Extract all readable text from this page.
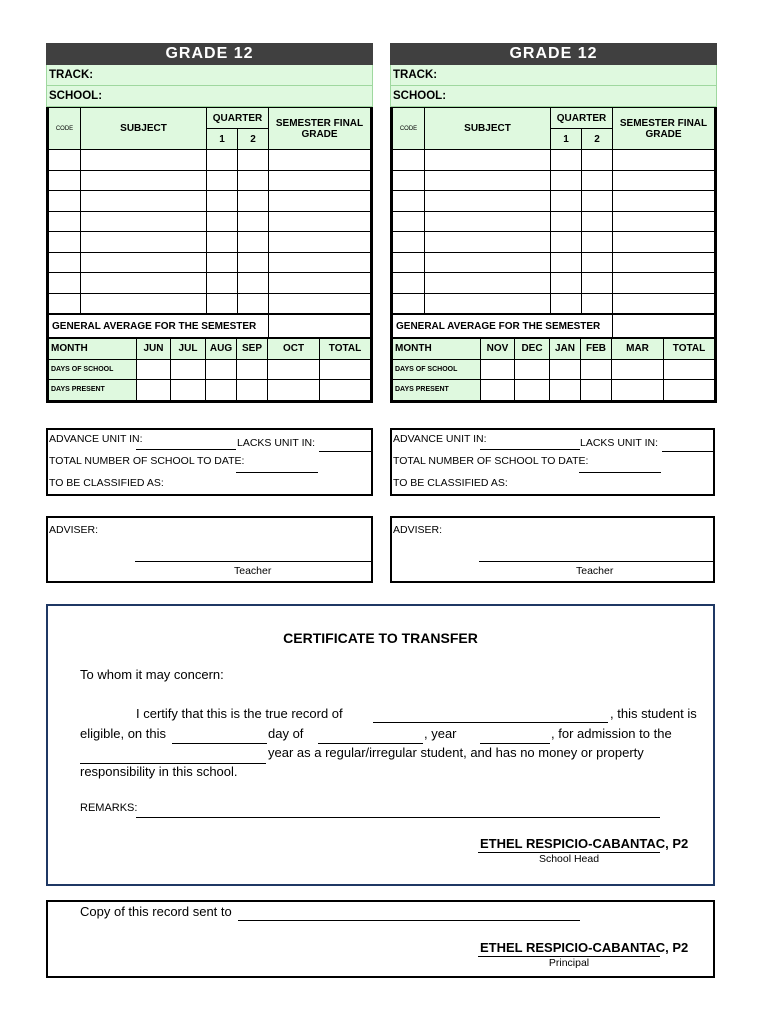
GRADE 12
TRACK:
SCHOOL:
CODE	SUBJECT	QUARTER		SEMESTER FINAL GRADE
		1	2	

GENERAL AVERAGE FOR THE SEMESTER	
MONTH	JUN	JUL	AUG	SEP	OCT	TOTAL
DAYS OF SCHOOL						
DAYS PRESENT						
GRADE 12
TRACK:
SCHOOL:
CODE	SUBJECT	QUARTER		SEMESTER FINAL GRADE
		1	2	

GENERAL AVERAGE FOR THE SEMESTER	
MONTH	NOV	DEC	JAN	FEB	MAR	TOTAL
DAYS OF SCHOOL						
DAYS PRESENT						
ADVANCE UNIT IN:	LACKS UNIT IN:
TOTAL NUMBER OF SCHOOL TO DATE:
TO BE CLASSIFIED AS:
ADVANCE UNIT IN:	LACKS UNIT IN:
TOTAL NUMBER OF SCHOOL TO DATE:
TO BE CLASSIFIED AS:
ADVISER:
Teacher
ADVISER:
Teacher
CERTIFICATE TO TRANSFER
To whom it may concern:
I certify that this is the true record of	, this student is
eligible, on this	day of	, year	, for admission to the
year as a regular/irregular student, and has no money or property
responsibility in this school.
REMARKS:
ETHEL RESPICIO-CABANTAC, P2
School Head
Copy of this record sent to
ETHEL RESPICIO-CABANTAC, P2
Principal
